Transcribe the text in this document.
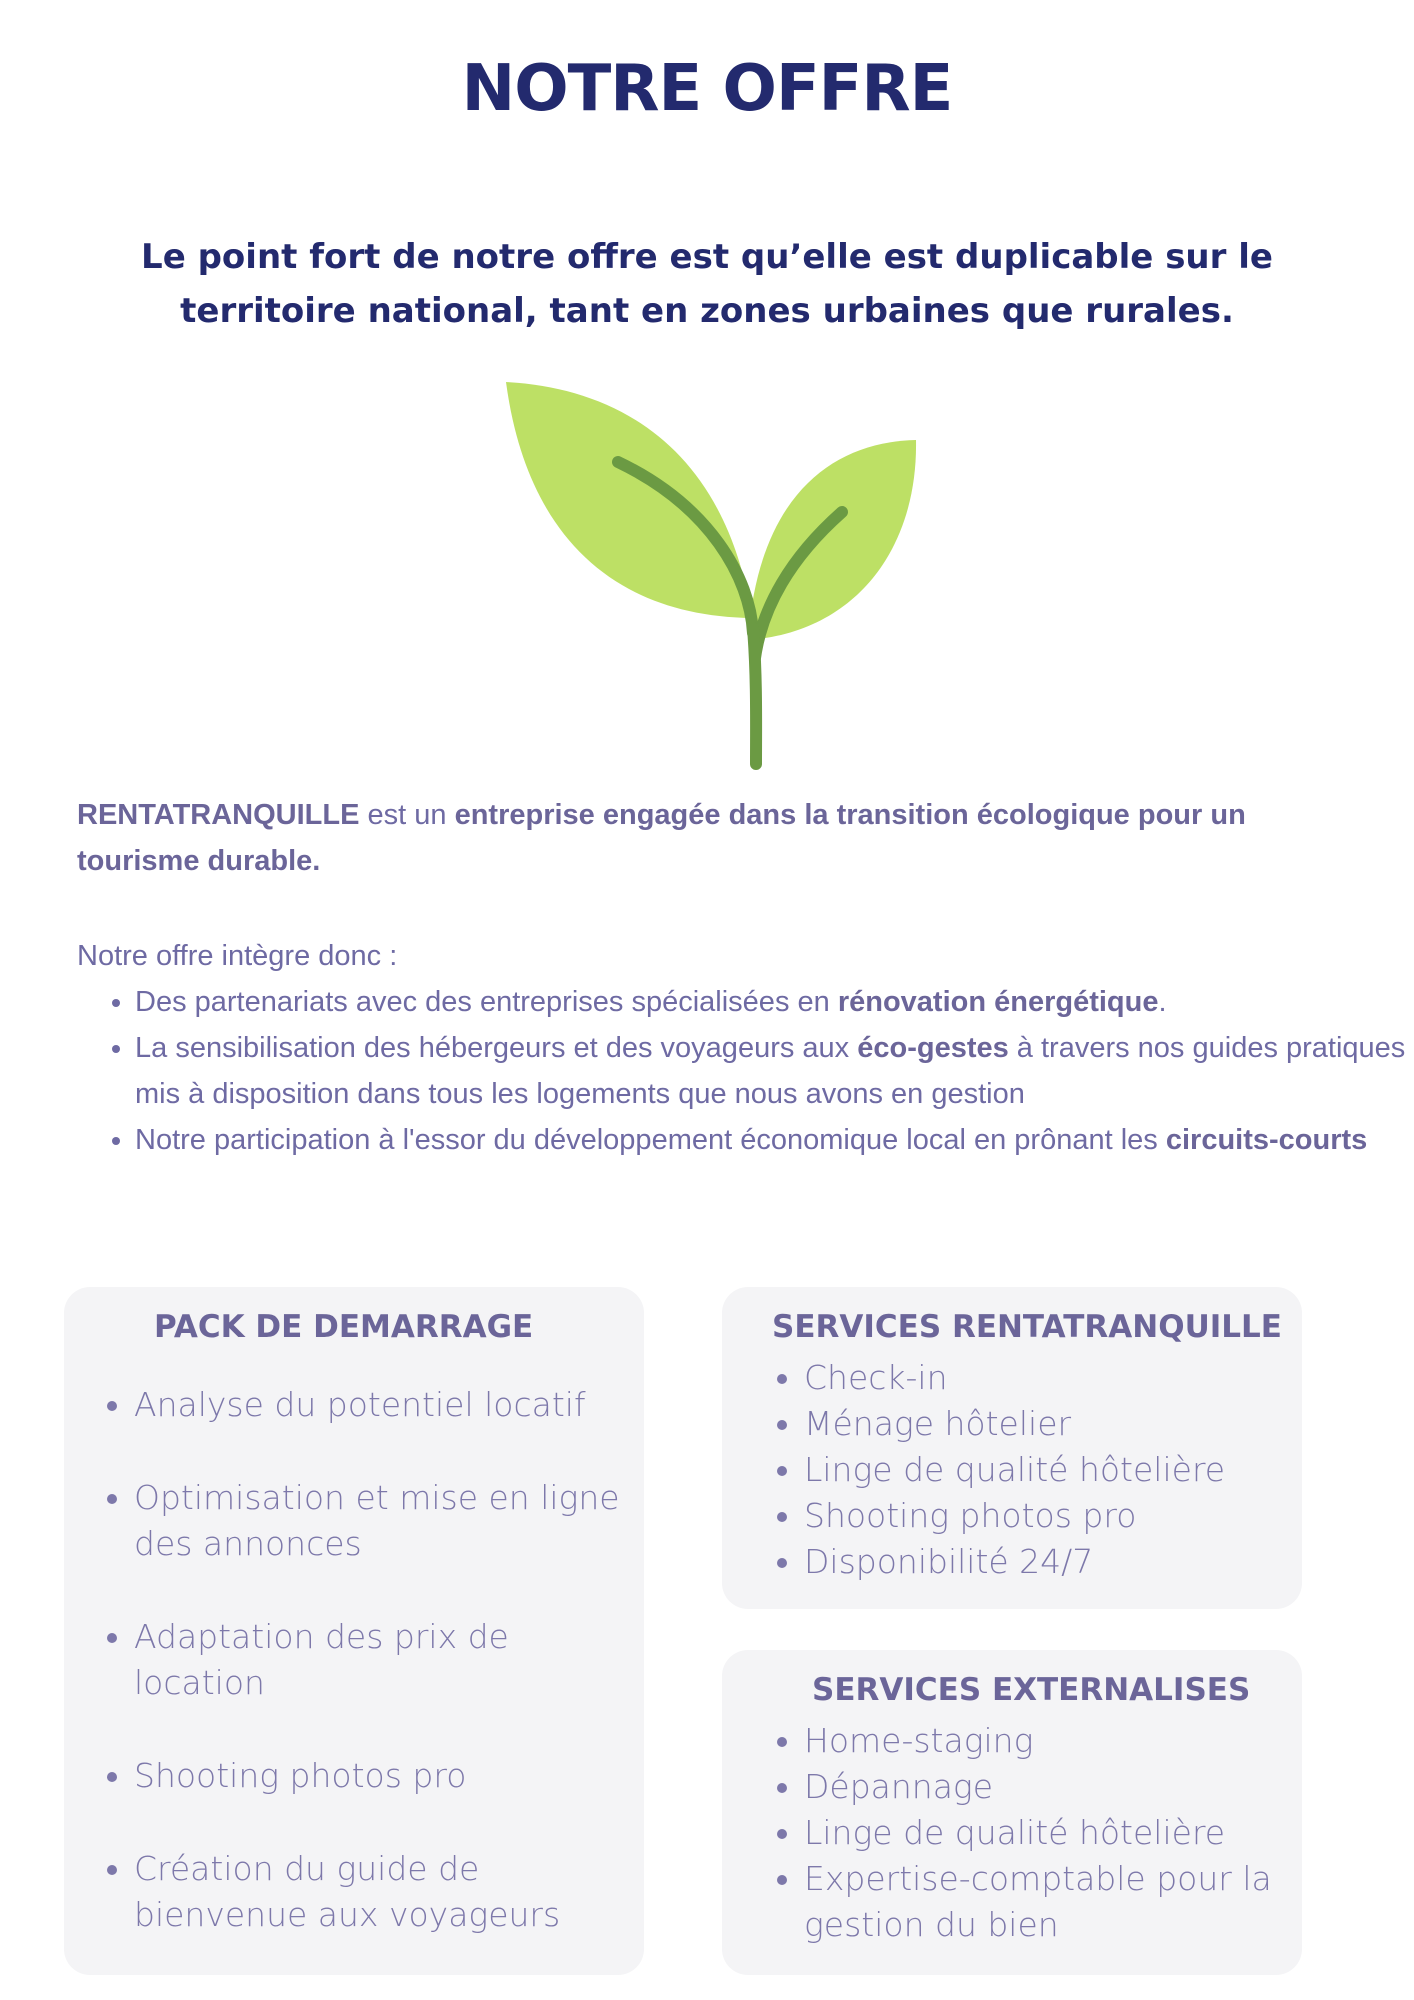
NOTRE OFFRE

Le point fort de notre offre est qu’elle est duplicable sur le territoire national, tant en zones urbaines que rurales.

RENTATRANQUILLE est un entreprise engagée dans la transition écologique pour un tourisme durable.

Notre offre intègre donc :

• Des partenariats avec des entreprises spécialisées en rénovation énergétique.
• La sensibilisation des hébergeurs et des voyageurs aux éco-gestes à travers nos guides pratiques mis à disposition dans tous les logements que nous avons en gestion
• Notre participation à l'essor du développement économique local en prônant les circuits-courts
PACK DE DEMARRAGE
• Analyse du potentiel locatif
• Optimisation et mise en ligne des annonces
• Adaptation des prix de location
• Shooting photos pro
• Création du guide de bienvenue aux voyageurs
SERVICES RENTATRANQUILLE
• Check-in
• Ménage hôtelier
• Linge de qualité hôtelière
• Shooting photos pro
• Disponibilité 24/7
SERVICES EXTERNALISES
• Home-staging
• Dépannage
• Linge de qualité hôtelière
• Expertise-comptable pour la gestion du bien
